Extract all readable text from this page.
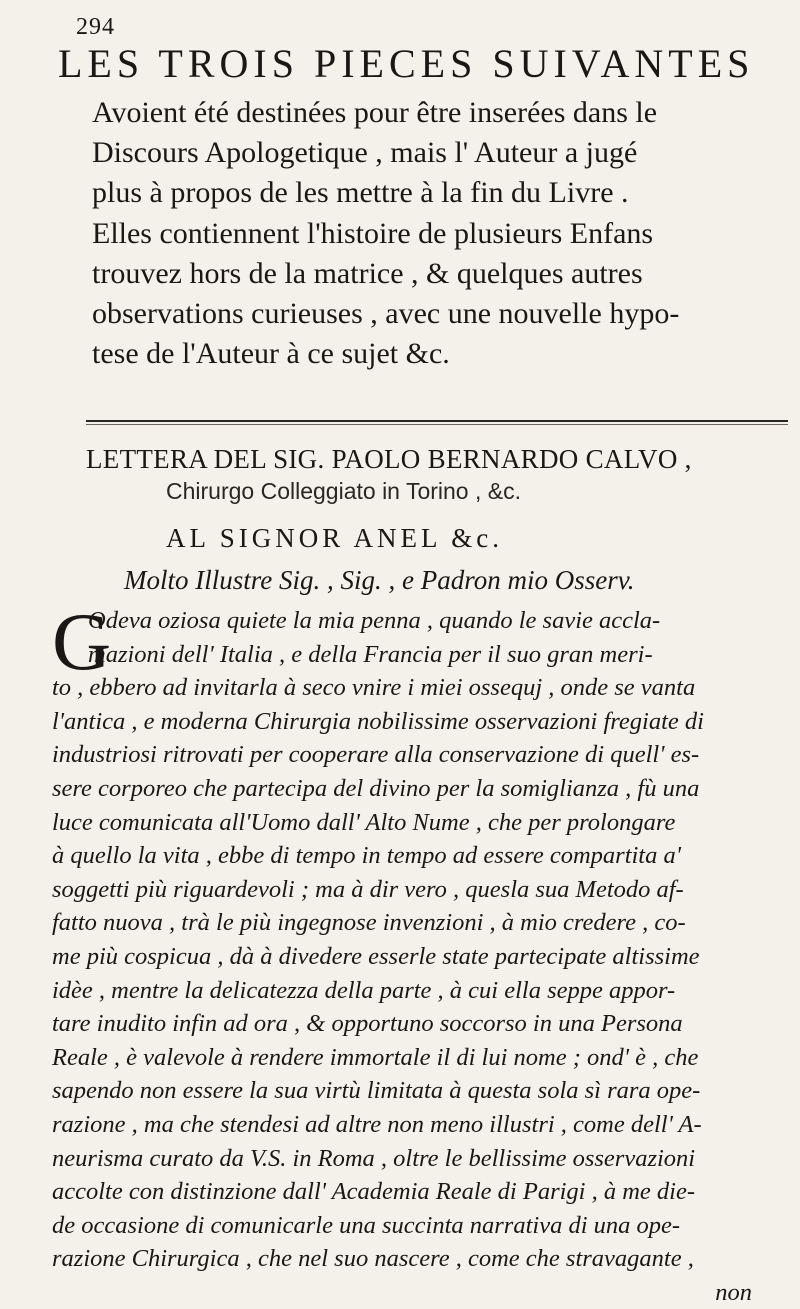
294
LES TROIS PIECES SUIVANTES
Avoient été destinées pour être inserées dans le
Discours Apologetique , mais l' Auteur a jugé
plus à propos de les mettre à la fin du Livre .
Elles contiennent l'histoire de plusieurs Enfans
trouvez hors de la matrice , & quelques autres
observations curieuses , avec une nouvelle hypo-
tese de l'Auteur à ce sujet &c.
LETTERA DEL SIG. PAOLO BERNARDO CALVO ,
Chirurgo Colleggiato in Torino , &c.
AL SIGNOR ANEL &c.
Molto Illustre Sig. , Sig. , e Padron mio Osserv.
G
Odeva oziosa quiete la mia penna , quando le savie accla-
mazioni dell' Italia , e della Francia per il suo gran meri-
to , ebbero ad invitarla à seco vnire i miei ossequj , onde se vanta
l'antica , e moderna Chirurgia nobilissime osservazioni fregiate di
industriosi ritrovati per cooperare alla conservazione di quell' es-
sere corporeo che partecipa del divino per la somiglianza , fù una
luce comunicata all'Uomo dall' Alto Nume , che per prolongare
à quello la vita , ebbe di tempo in tempo ad essere compartita a'
soggetti più riguardevoli ; ma à dir vero , quesla sua Metodo af-
fatto nuova , trà le più ingegnose invenzioni , à mio credere , co-
me più cospicua , dà à divedere esserle state partecipate altissime
idèe , mentre la delicatezza della parte , à cui ella seppe appor-
tare inudito infin ad ora , & opportuno soccorso in una Persona
Reale , è valevole à rendere immortale il di lui nome ; ond' è , che
sapendo non essere la sua virtù limitata à questa sola sì rara ope-
razione , ma che stendesi ad altre non meno illustri , come dell' A-
neurisma curato da V.S. in Roma , oltre le bellissime osservazioni
accolte con distinzione dall' Academia Reale di Parigi , à me die-
de occasione di comunicarle una succinta narrativa di una ope-
razione Chirurgica , che nel suo nascere , come che stravagante ,
non
